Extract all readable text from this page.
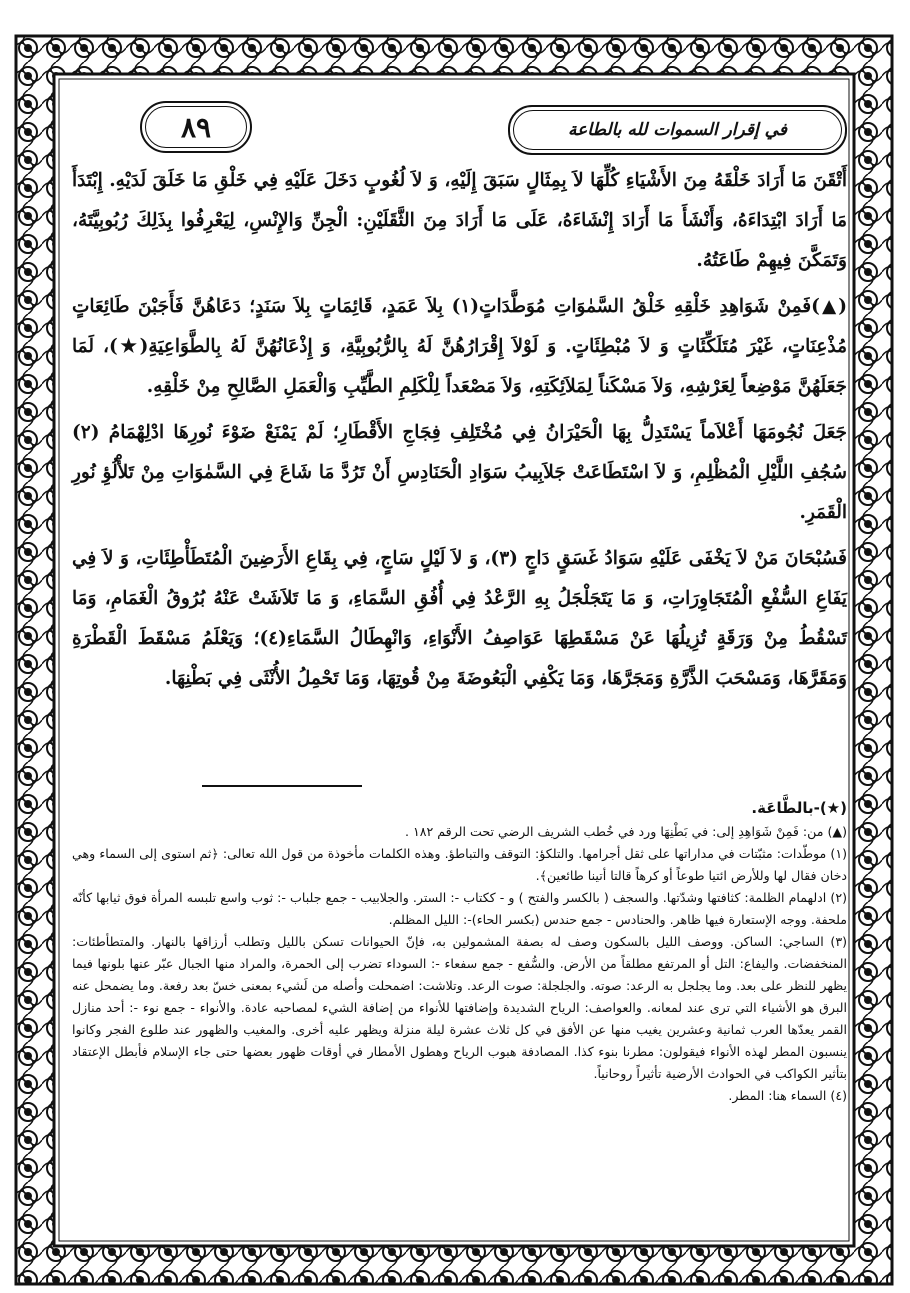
في إقرار السموات لله بالطاعة
٨٩

أَتْقَنَ مَا أَرَادَ خَلْقَهُ مِنَ الأَشْيَاءِ كُلِّهَا لاَ بِمِثَالٍ سَبَقَ إِلَيْهِ، وَ لاَ لُغُوبٍ دَخَلَ عَلَيْهِ فِي خَلْقِ مَا خَلَقَ لَدَيْهِ. إِبْتَدَأَ مَا أَرَادَ ابْتِدَاءَهُ، وَأَنْشَأَ مَا أَرَادَ إِنْشَاءَهُ، عَلَى مَا أَرَادَ مِنَ الثَّقَلَيْنِ: الْجِنِّ وَالإِنْسِ، لِيَعْرِفُوا بِذَلِكَ رُبُوبِيَّتَهُ، وَتَمَكَّنَ فِيهِمْ طَاعَتُهُ.

(▲)فَمِنْ شَوَاهِدِ خَلْقِهِ خَلْقُ السَّمٰوَاتِ مُوَطَّدَاتٍ(١) بِلاَ عَمَدٍ، قَائِمَاتٍ بِلاَ سَنَدٍ؛ دَعَاهُنَّ فَأَجَبْنَ طَائِعَاتٍ مُذْعِنَاتٍ، غَيْرَ مُتَلَكِّئَاتٍ وَ لاَ مُبْطِئَاتٍ. وَ لَوْلاَ إِقْرَارُهُنَّ لَهُ بِالرُّبُوبِيَّةِ، وَ إِذْعَانُهُنَّ لَهُ بِالطَّوَاعِيَةِ(★)، لَمَا جَعَلَهُنَّ مَوْضِعاً لِعَرْشِهِ، وَلاَ مَسْكَناً لِمَلاَئِكَتِهِ، وَلاَ مَصْعَداً لِلْكَلِمِ الطَّيِّبِ وَالْعَمَلِ الصَّالِحِ مِنْ خَلْقِهِ.

جَعَلَ نُجُومَهَا أَعْلاَماً يَسْتَدِلُّ بِهَا الْحَيْرَانُ فِي مُخْتَلِفِ فِجَاجِ الأَقْطَارِ؛ لَمْ يَمْنَعْ ضَوْءَ نُورِهَا ادْلِهْمَامُ (٢) سُجُفِ اللَّيْلِ الْمُظْلِمِ، وَ لاَ اسْتَطَاعَتْ جَلاَبِيبُ سَوَادِ الْحَنَادِسِ أَنْ تَرُدَّ مَا شَاعَ فِي السَّمٰوَاتِ مِنْ تَلأْلُؤِ نُورِ الْقَمَرِ.

فَسُبْحَانَ مَنْ لاَ يَخْفَى عَلَيْهِ سَوَادُ غَسَقٍ دَاجٍ (٣)، وَ لاَ لَيْلٍ سَاجٍ، فِي بِقَاعِ الأَرَضِينَ الْمُتَطَأْطِئَاتِ، وَ لاَ فِي يَفَاعِ السُّفْعِ الْمُتَجَاوِرَاتِ، وَ مَا يَتَجَلْجَلُ بِهِ الرَّعْدُ فِي أُفُقِ السَّمَاءِ، وَ مَا تَلاَشَتْ عَنْهُ بُرُوقُ الْغَمَامِ، وَمَا تَسْقُطُ مِنْ وَرَقَةٍ تُزِيلُهَا عَنْ مَسْقَطِهَا عَوَاصِفُ الأَنْوَاءِ، وَانْهِطَالُ السَّمَاءِ(٤)؛ وَيَعْلَمُ مَسْقَطَ الْقَطْرَةِ وَمَقَرَّهَا، وَمَسْحَبَ الذَّرَّةِ وَمَجَرَّهَا، وَمَا يَكْفِي الْبَعُوضَةَ مِنْ قُوتِهَا، وَمَا تَحْمِلُ الأُنْثَى فِي بَطْنِهَا.

(★)-بالطَّاعَة.

(▲) من: فَمِنْ شَوَاهِدِ إلى: في بَطْنِهَا ورد في خُطب الشريف الرضي تحت الرقم ١٨٢ .

(١) موطّدات: مثبّتات في مداراتها على ثقل أجرامها. والتلكؤ: التوقف والتباطؤ. وهذه الكلمات مأخوذة من قول الله تعالى: ﴿ثم استوى إلى السماء وهي دخان فقال لها وللأرض ائتيا طوعاً أو كرهاً قالتا أتينا طائعين﴾.

(٢) ادلهمام الظلمة: كثافتها وشدّتها. والسجف ( بالكسر والفتح ) و - ككتاب -: الستر. والجلابيب - جمع جلباب -: ثوب واسع تلبسه المرأة فوق ثيابها كأنّه ملحفة. ووجه الإستعارة فيها ظاهر. والحنادس - جمع حندس (بكسر الحاء)-: الليل المظلم.

(٣) الساجي: الساكن. ووصف الليل بالسكون وصف له بصفة المشمولين به، فإنّ الحيوانات تسكن بالليل وتطلب أرزاقها بالنهار. والمتطأطئات: المنخفضات. واليفاع: التل أو المرتفع مطلقاً من الأرض. والسُّفع - جمع سفعاء -: السوداء تضرب إلى الحمرة، والمراد منها الجبال عبّر عنها بلونها فيما يظهر للنظر على بعد. وما يجلجل به الرعد: صوته. والجلجلة: صوت الرعد. وتلاشت: اضمحلت وأصله من لَشيء بمعنى خسّ بعد رفعة. وما يضمحل عنه البرق هو الأشياء التي ترى عند لمعانه. والعواصف: الرياح الشديدة وإضافتها للأنواء من إضافة الشيء لمصاحبه عادة. والأنواء - جمع نوء -: أحد منازل القمر يعدّها العرب ثمانية وعشرين يغيب منها عن الأفق في كل ثلاث عشرة ليلة منزلة ويظهر عليه أخرى. والمغيب والظهور عند طلوع الفجر وكانوا ينسبون المطر لهذه الأنواء فيقولون: مطرنا بنوء كذا. المصادفة هبوب الرياح وهطول الأمطار في أوقات ظهور بعضها حتى جاء الإسلام فأبطل الإعتقاد بتأثير الكواكب في الحوادث الأرضية تأثيراً روحانياً.

(٤) السماء هنا: المطر.
